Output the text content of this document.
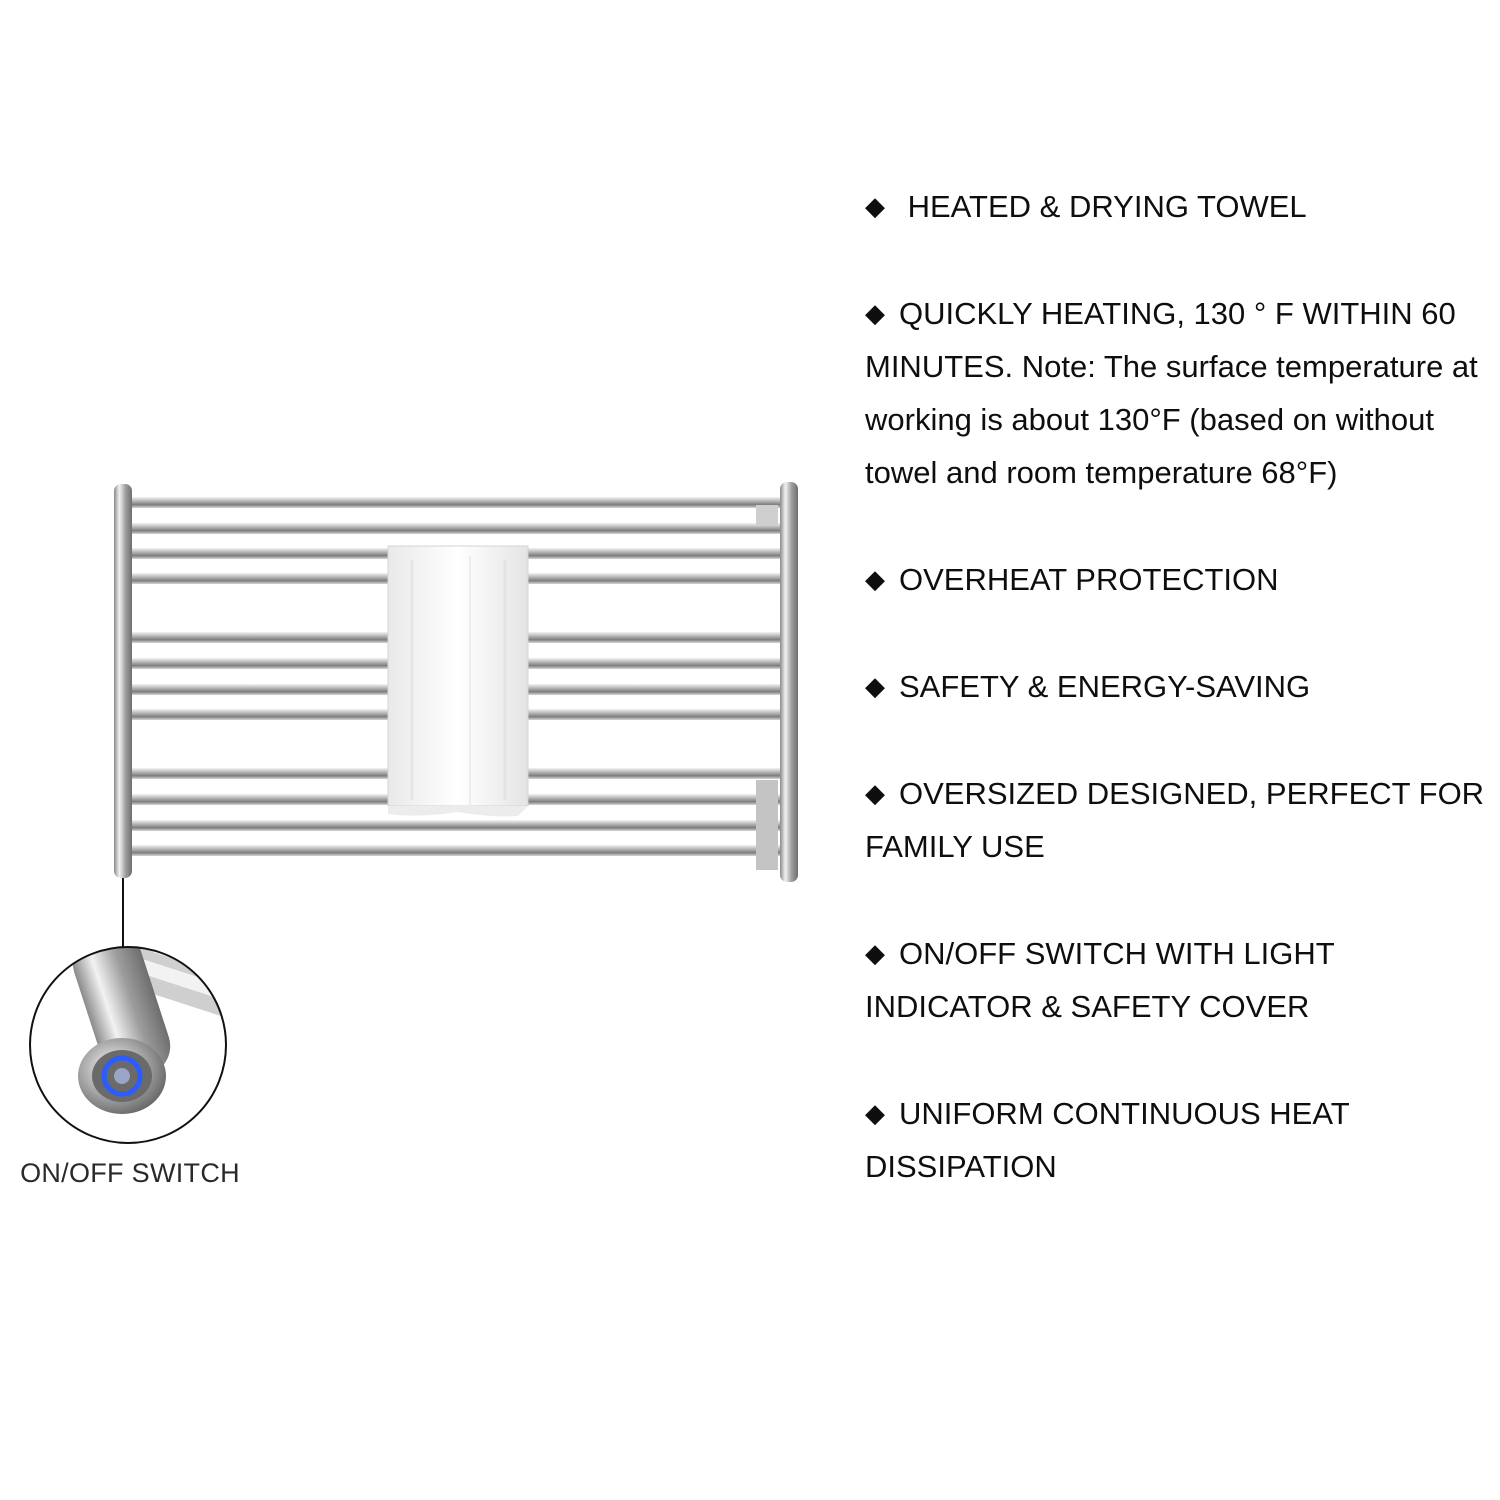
ON/OFF SWITCH

◆ HEATED & DRYING TOWEL

◆ QUICKLY HEATING, 130 ° F WITHIN 60 MINUTES. Note: The surface temperature at working is about 130°F (based on without towel and room temperature 68°F)

◆ OVERHEAT PROTECTION

◆ SAFETY & ENERGY-SAVING

◆ OVERSIZED DESIGNED, PERFECT FOR FAMILY USE

◆ ON/OFF SWITCH WITH LIGHT INDICATOR & SAFETY COVER

◆ UNIFORM CONTINUOUS HEAT DISSIPATION
